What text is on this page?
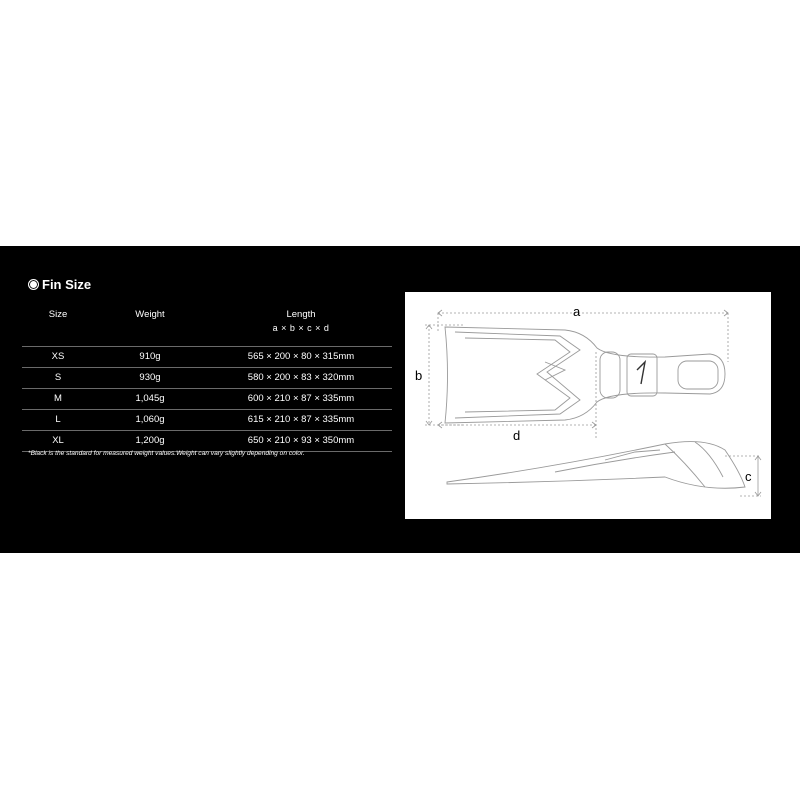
Fin Size
Size	Weight	Length
a × b × c × d
XS	910g	565 × 200 × 80 × 315mm
S	930g	580 × 200 × 83 × 320mm
M	1,045g	600 × 210 × 87 × 335mm
L	1,060g	615 × 210 × 87 × 335mm
XL	1,200g	650 × 210 × 93 × 350mm
*Black is the standard for measured weight values.Weight can vary slightly depending on color.
a
b
c
d
